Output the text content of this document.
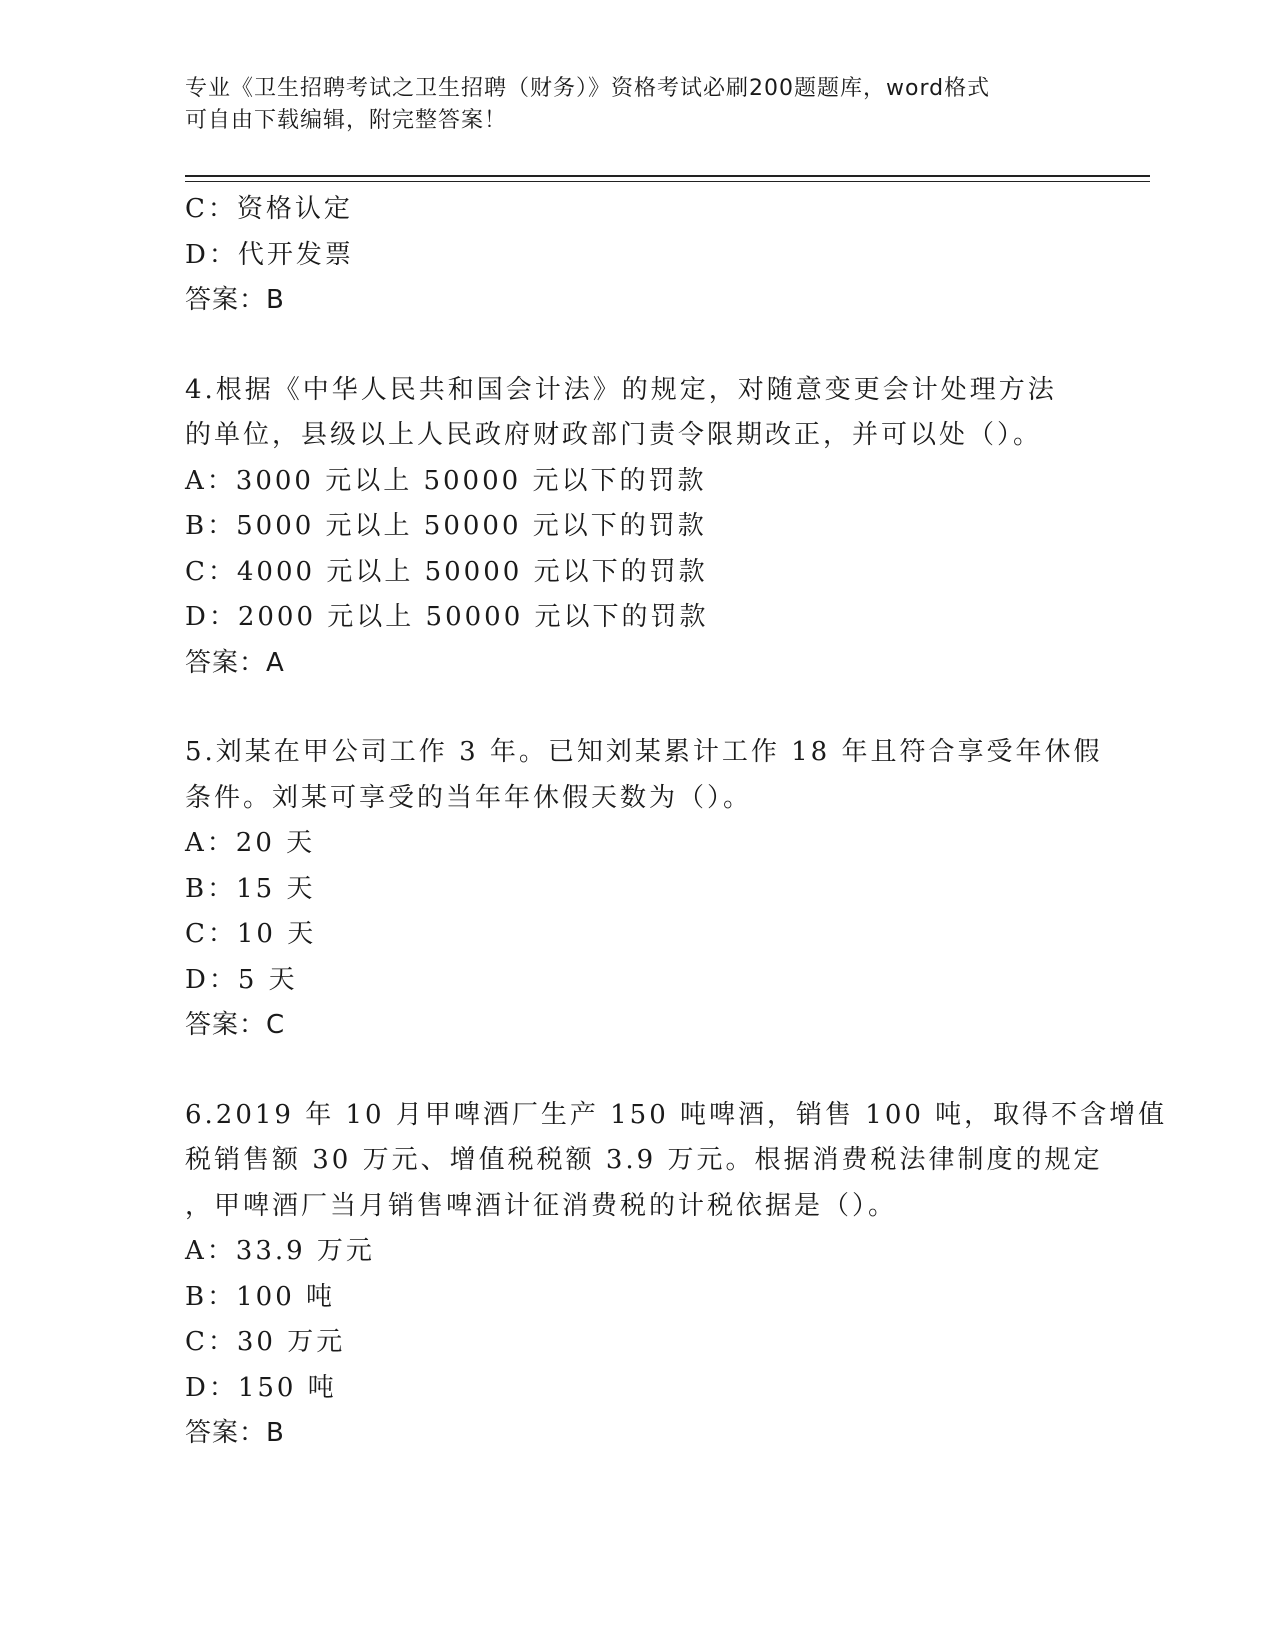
专业《卫生招聘考试之卫生招聘（财务）》资格考试必刷200题题库，word格式
可自由下载编辑，附完整答案！
C：资格认定
D：代开发票
答案：B
4.根据《中华人民共和国会计法》的规定，对随意变更会计处理方法
的单位，县级以上人民政府财政部门责令限期改正，并可以处（）。
A：3000 元以上 50000 元以下的罚款
B：5000 元以上 50000 元以下的罚款
C：4000 元以上 50000 元以下的罚款
D：2000 元以上 50000 元以下的罚款
答案：A
5.刘某在甲公司工作 3 年。已知刘某累计工作 18 年且符合享受年休假
条件。刘某可享受的当年年休假天数为（）。
A：20 天
B：15 天
C：10 天
D：5 天
答案：C
6.2019 年 10 月甲啤酒厂生产 150 吨啤酒，销售 100 吨，取得不含增值
税销售额 30 万元、增值税税额 3.9 万元。根据消费税法律制度的规定
，甲啤酒厂当月销售啤酒计征消费税的计税依据是（）。
A：33.9 万元
B：100 吨
C：30 万元
D：150 吨
答案：B
